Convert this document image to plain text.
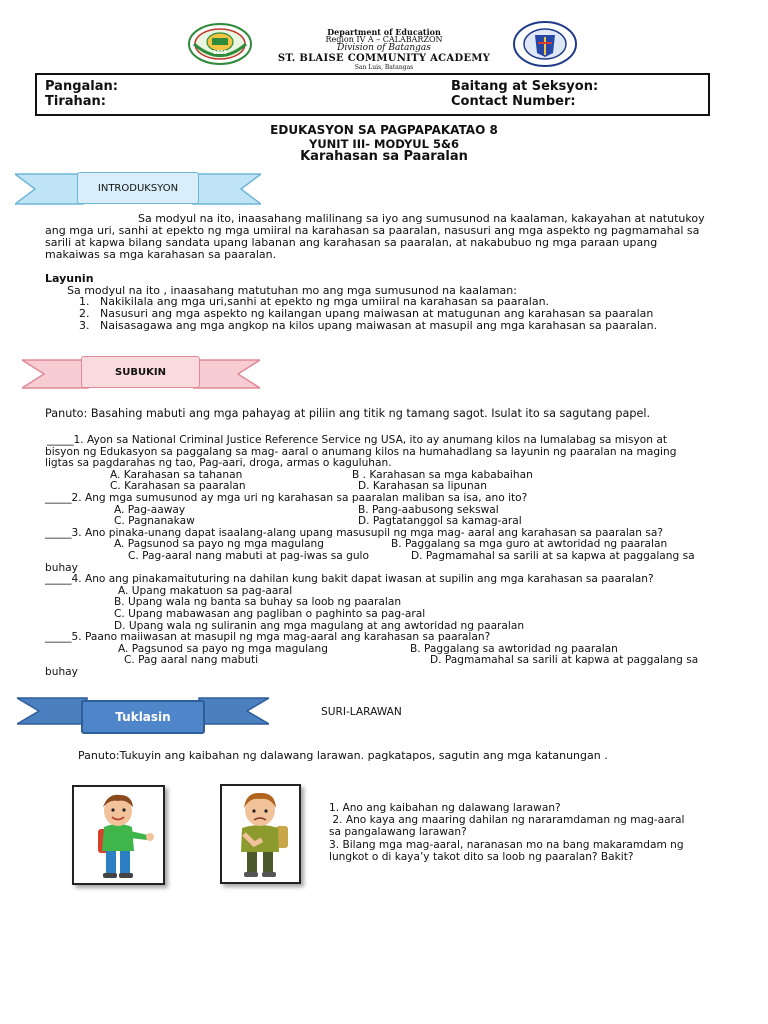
1959
Department of Education
Region IV A – CALABARZON
Division of Batangas
ST. BLAISE COMMUNITY ACADEMY
San Luis, Batangas
Pangalan:
Tirahan:
Baitang at Seksyon:
Contact Number:
EDUKASYON SA PAGPAPAKATAO 8
YUNIT III- MODYUL 5&6
Karahasan sa Paaralan
INTRODUKSYON
Sa modyul na ito, inaasahang malilinang sa iyo ang sumusunod na kaalaman, kakayahan at natutukoy
ang mga uri, sanhi at epekto ng mga umiiral na karahasan sa paaralan, nasusuri ang mga aspekto ng pagmamahal sa
sarili at kapwa bilang sandata upang labanan ang karahasan sa paaralan, at nakabubuo ng mga paraan upang
makaiwas sa mga karahasan sa paaralan.
Layunin
Sa modyul na ito , inaasahang matutuhan mo ang mga sumusunod na kaalaman:
1. Nakikilala ang mga uri,sanhi at epekto ng mga umiiral na karahasan sa paaralan.
2. Nasusuri ang mga aspekto ng kailangan upang maiwasan at matugunan ang karahasan sa paaralan
3. Naisasagawa ang mga angkop na kilos upang maiwasan at masupil ang mga karahasan sa paaralan.
SUBUKIN
Panuto: Basahing mabuti ang mga pahayag at piliin ang titik ng tamang sagot. Isulat ito sa sagutang papel.
_____1. Ayon sa National Criminal Justice Reference Service ng USA, ito ay anumang kilos na lumalabag sa misyon at
bisyon ng Edukasyon sa paggalang sa mag- aaral o anumang kilos na humahadlang sa layunin ng paaralan na maging
ligtas sa pagdarahas ng tao, Pag-aari, droga, armas o kaguluhan.
A. Karahasan sa tahanan	B . Karahasan sa mga kababaihan
C. Karahasan sa paaralan	D. Karahasan sa lipunan
_____2. Ang mga sumusunod ay mga uri ng karahasan sa paaralan maliban sa isa, ano ito?
A. Pag-aaway	B. Pang-aabusong sekswal
C. Pagnanakaw	D. Pagtatanggol sa kamag-aral
_____3. Ano pinaka-unang dapat isaalang-alang upang masusupil ng mga mag- aaral ang karahasan sa paaralan sa?
A. Pagsunod sa payo ng mga magulang	B. Paggalang sa mga guro at awtoridad ng paaralan
C. Pag-aaral nang mabuti at pag-iwas sa gulo	D. Pagmamahal sa sarili at sa kapwa at paggalang sa
buhay
_____4. Ano ang pinakamaituturing na dahilan kung bakit dapat iwasan at supilin ang mga karahasan sa paaralan?
A. Upang makatuon sa pag-aaral
B. Upang wala ng banta sa buhay sa loob ng paaralan
C. Upang mabawasan ang pagliban o paghinto sa pag-aral
D. Upang wala ng suliranin ang mga magulang at ang awtoridad ng paaralan
_____5. Paano maiiwasan at masupil ng mga mag-aaral ang karahasan sa paaralan?
A. Pagsunod sa payo ng mga magulang	B. Paggalang sa awtoridad ng paaralan
C. Pag aaral nang mabuti	D. Pagmamahal sa sarili at kapwa at paggalang sa
buhay
Tuklasin	SURI-LARAWAN
Panuto:Tukuyin ang kaibahan ng dalawang larawan. pagkatapos, sagutin ang mga katanungan .
1. Ano ang kaibahan ng dalawang larawan?
2. Ano kaya ang maaring dahilan ng nararamdaman ng mag-aaral
sa pangalawang larawan?
3. Bilang mga mag-aaral, naranasan mo na bang makaramdam ng
lungkot o di kaya’y takot dito sa loob ng paaralan? Bakit?
